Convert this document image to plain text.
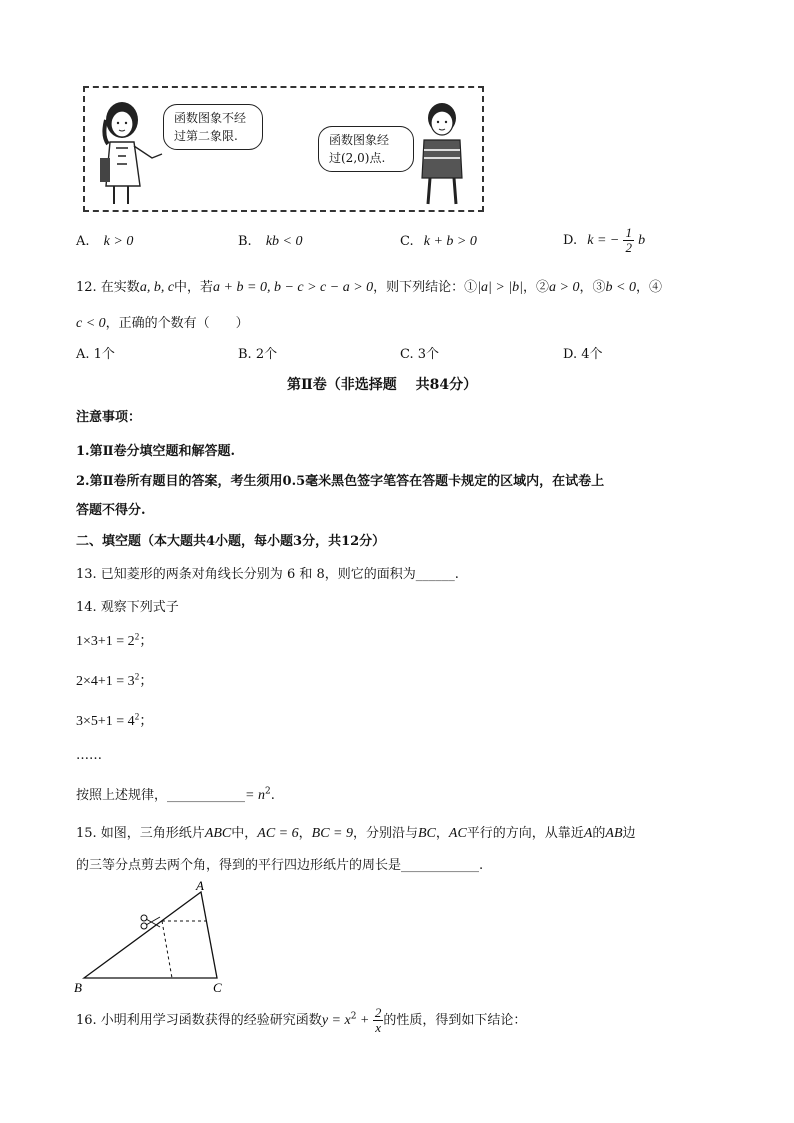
函数图象不经
过第二象限.	函数图象经
过(2,0)点.
A. k > 0	B. kb < 0	C. k + b > 0	D. k = − $\frac{1}{2}$ b
12. 在实数a, b, c中，若a + b = 0, b − c > c − a > 0，则下列结论：①|a| > |b|，②a > 0，③b < 0，④
c < 0，正确的个数有（　　）
A. 1个	B. 2个	C. 3个	D. 4个
第Ⅱ卷（非选择题　 共84分）
注意事项：
1.第Ⅱ卷分填空题和解答题.
2.第Ⅱ卷所有题目的答案，考生须用0.5毫米黑色签字笔答在答题卡规定的区域内，在试卷上
答题不得分.
二、填空题（本大题共4小题，每小题3分，共12分）
13. 已知菱形的两条对角线长分别为 6 和 8，则它的面积为______.
14. 观察下列式子
$1\times 3+1 = 2^2$；
$2\times 4+1 = 3^2$；
$3\times 5+1 = 4^2$；
……
按照上述规律，____________= $n^2$.
15. 如图，三角形纸片ABC中，AC = 6，BC = 9，分别沿与BC，AC平行的方向，从靠近A的AB边
的三等分点剪去两个角，得到的平行四边形纸片的周长是____________.
A
B	C
16. 小明利用学习函数获得的经验研究函数$y = x^2 + \frac{2}{x}$ 的性质，得到如下结论：
